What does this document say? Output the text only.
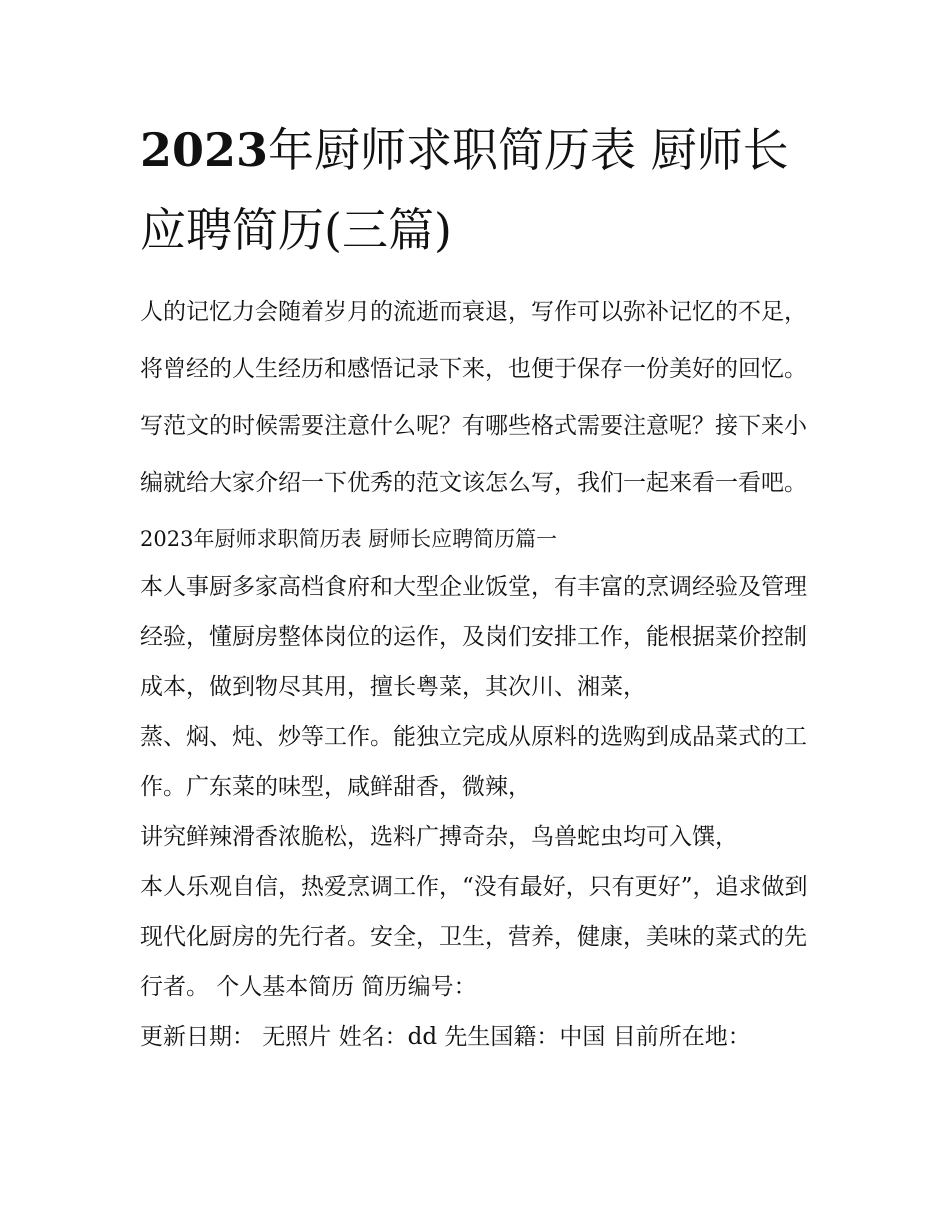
2023年厨师求职简历表 厨师长应聘简历(三篇)

人的记忆力会随着岁月的流逝而衰退，写作可以弥补记忆的不足，将曾经的人生经历和感悟记录下来，也便于保存一份美好的回忆。写范文的时候需要注意什么呢？有哪些格式需要注意呢？接下来小编就给大家介绍一下优秀的范文该怎么写，我们一起来看一看吧。

2023年厨师求职简历表 厨师长应聘简历篇一

本人事厨多家高档食府和大型企业饭堂，有丰富的烹调经验及管理经验，懂厨房整体岗位的运作，及岗们安排工作，能根据菜价控制成本，做到物尽其用，擅长粤菜，其次川、湘菜，

蒸、焖、炖、炒等工作。能独立完成从原料的选购到成品菜式的工作。广东菜的味型，咸鲜甜香，微辣，

讲究鲜辣滑香浓脆松，选料广搏奇杂，鸟兽蛇虫均可入馔，

本人乐观自信，热爱烹调工作，“没有最好，只有更好”，追求做到现代化厨房的先行者。安全，卫生，营养，健康，美味的菜式的先行者。 个人基本简历 简历编号：

更新日期： 无照片 姓名：dd 先生国籍：中国 目前所在地：
